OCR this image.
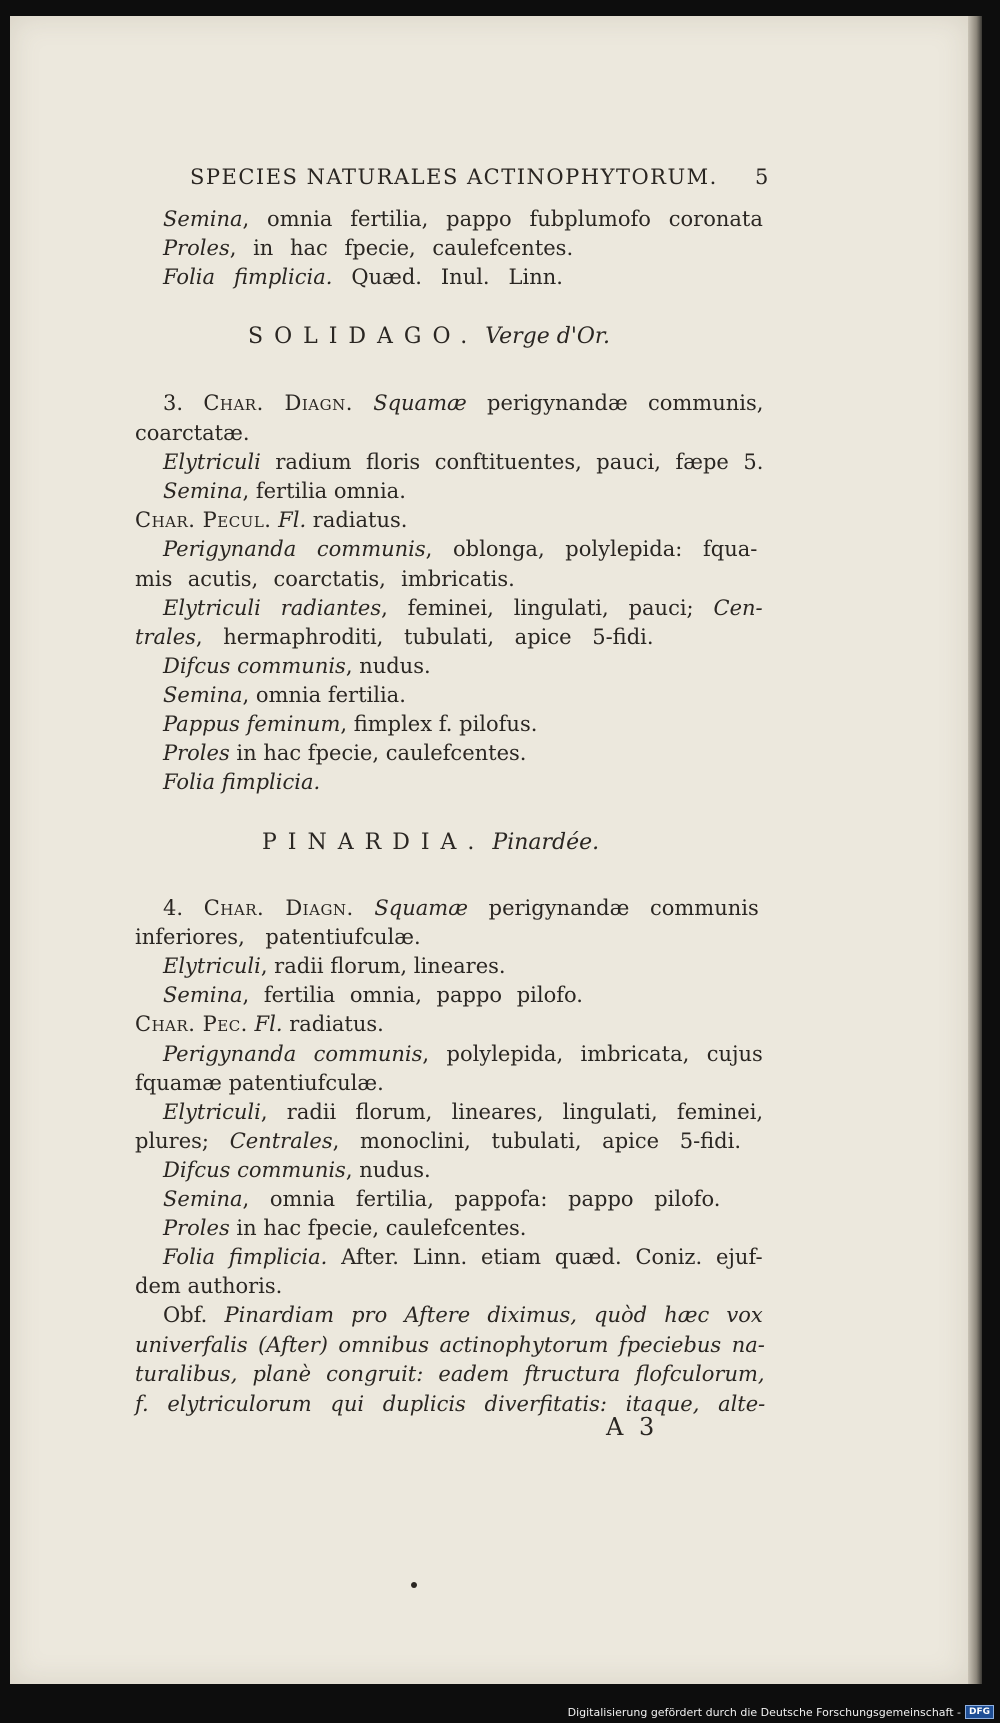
SPECIES NATURALES ACTINOPHYTORUM. 5
Semina, omnia fertilia, pappo fubplumofo coronata
Proles, in hac fpecie, caulefcentes.
Folia fimplicia. Quæd. Inul. Linn.
SOLIDAGO. Verge d'Or.
3. Char. Diagn. Squamæ perigynandæ communis,
coarctatæ.
Elytriculi radium floris conftituentes, pauci, fæpe 5.
Semina, fertilia omnia.
Char. Pecul. Fl. radiatus.
Perigynanda communis, oblonga, polylepida: fqua-
mis acutis, coarctatis, imbricatis.
Elytriculi radiantes, feminei, lingulati, pauci; Cen-
trales, hermaphroditi, tubulati, apice 5-fidi.
Difcus communis, nudus.
Semina, omnia fertilia.
Pappus feminum, fimplex f. pilofus.
Proles in hac fpecie, caulefcentes.
Folia fimplicia.
PINARDIA. Pinardée.
4. Char. Diagn. Squamæ perigynandæ communis
inferiores, patentiufculæ.
Elytriculi, radii florum, lineares.
Semina, fertilia omnia, pappo pilofo.
Char. Pec. Fl. radiatus.
Perigynanda communis, polylepida, imbricata, cujus
fquamæ patentiufculæ.
Elytriculi, radii florum, lineares, lingulati, feminei,
plures; Centrales, monoclini, tubulati, apice 5-fidi.
Difcus communis, nudus.
Semina, omnia fertilia, pappofa: pappo pilofo.
Proles in hac fpecie, caulefcentes.
Folia fimplicia. After. Linn. etiam quæd. Coniz. ejuf-
dem authoris.
Obf. Pinardiam pro Aftere diximus, quòd hæc vox
univerfalis (After) omnibus actinophytorum fpeciebus na-
turalibus, planè congruit: eadem ftructura flofculorum,
f. elytriculorum qui duplicis diverfitatis: itaque, alte-
A 3
Digitalisierung gefördert durch die Deutsche Forschungsgemeinschaft - DFG
